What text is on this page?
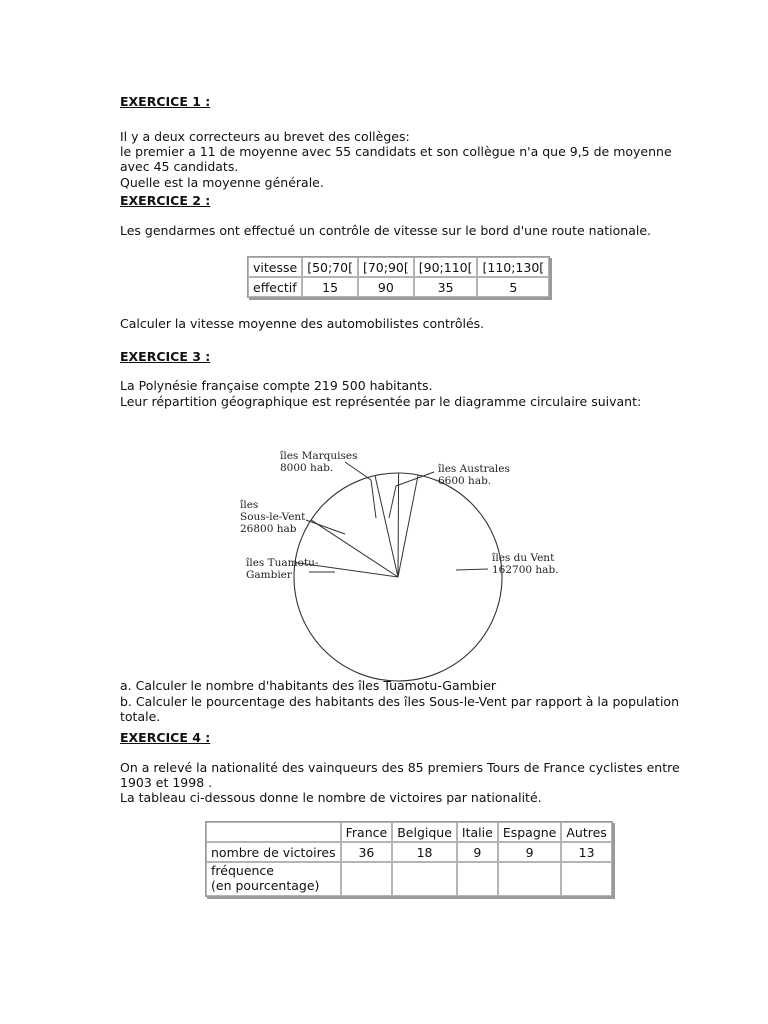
EXERCICE 1 :
Il y a deux correcteurs au brevet des collèges:
le premier a 11 de moyenne avec 55 candidats et son collègue n'a que 9,5 de moyenne
avec 45 candidats.
Quelle est la moyenne générale.
EXERCICE 2 :
Les gendarmes ont effectué un contrôle de vitesse sur le bord d'une route nationale.
vitesse	[50;70[	[70;90[	[90;110[	[110;130[
effectif	15	90	35	5
Calculer la vitesse moyenne des automobilistes contrôlés.
EXERCICE 3 :
La Polynésie française compte 219 500 habitants.
Leur répartition géographique est représentée par le diagramme circulaire suivant:
îles du Vent
162700 hab.
îles Tuamotu-
Gambier
îles
Sous-le-Vent
26800 hab
îles Marquises
8000 hab.	îles Australes
6600 hab.
a. Calculer le nombre d'habitants des îles Tuamotu-Gambier
b. Calculer le pourcentage des habitants des îles Sous-le-Vent par rapport à la population
totale.
EXERCICE 4 :
On a relevé la nationalité des vainqueurs des 85 premiers Tours de France cyclistes entre
1903 et 1998 .
La tableau ci-dessous donne le nombre de victoires par nationalité.
	France	Belgique	Italie	Espagne	Autres
nombre de victoires	36	18	9	9	13

fréquence
(en pourcentage)					
